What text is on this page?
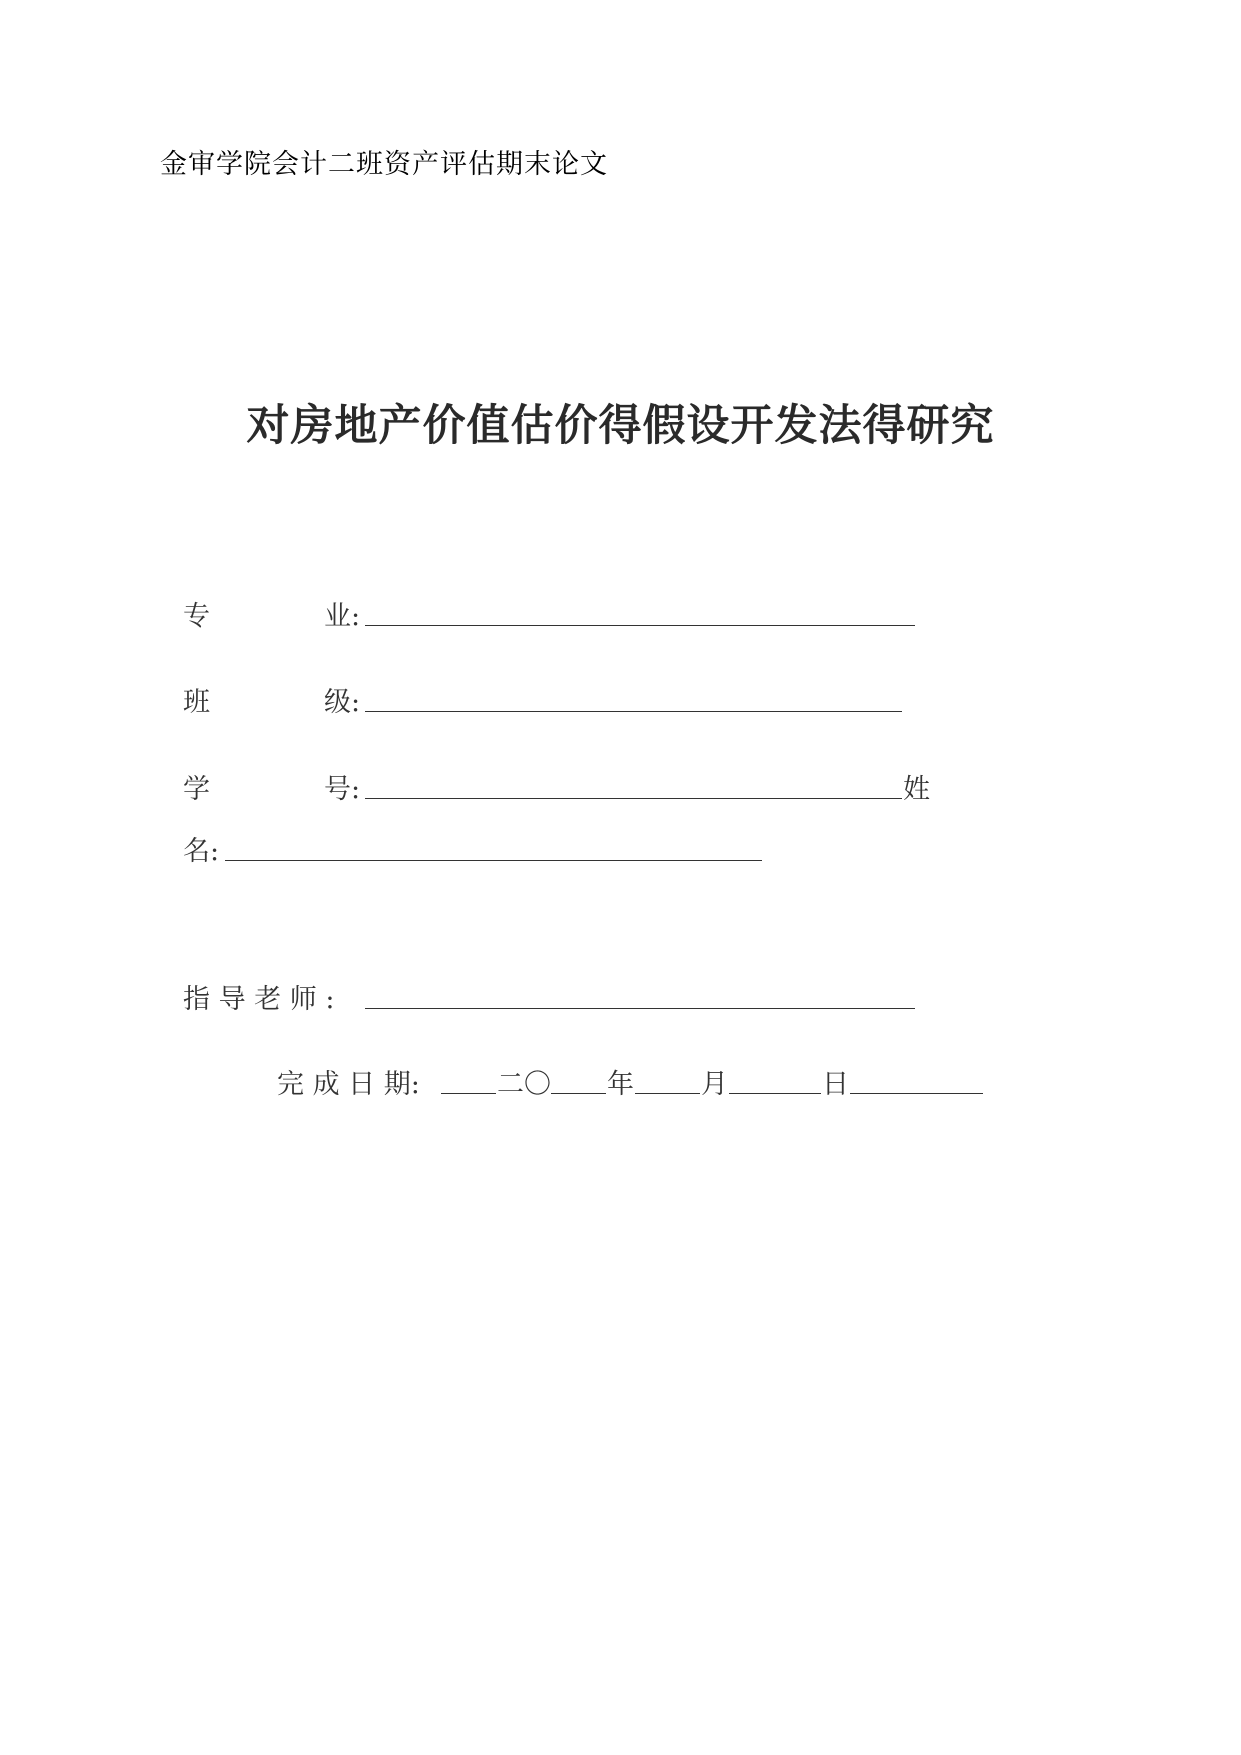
金审学院会计二班资产评估期末论文
对房地产价值估价得假设开发法得研究
专	业:
班	级:
学	号:	姓
名:
指 导 老 师 :
完 成 日 期:	二〇 年 月	日
